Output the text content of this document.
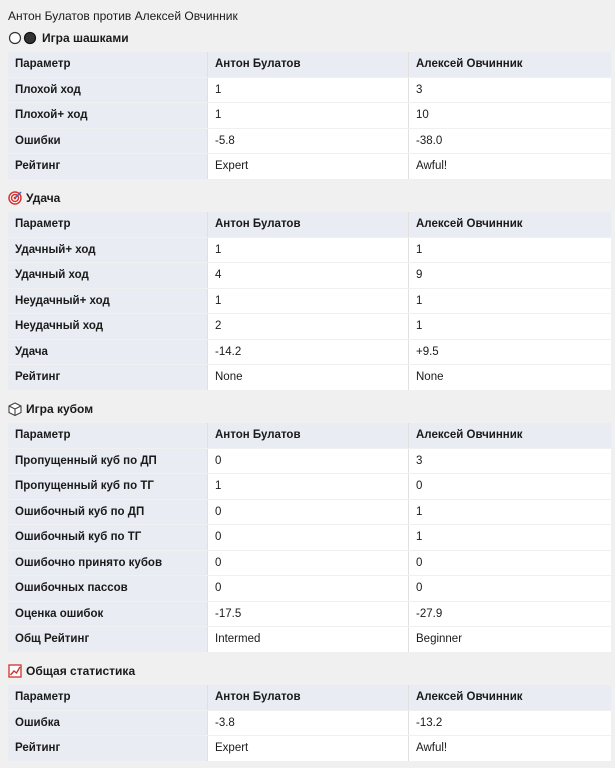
Антон Булатов против Алексей Овчинник
Игра шашками
Параметр	Антон Булатов	Алексей Овчинник
Плохой ход	1	3
Плохой+ ход	1	10
Ошибки	-5.8	-38.0
Рейтинг	Expert	Awful!
Удача
Параметр	Антон Булатов	Алексей Овчинник
Удачный+ ход	1	1
Удачный ход	4	9
Неудачный+ ход	1	1
Неудачный ход	2	1
Удача	-14.2	+9.5
Рейтинг	None	None
Игра кубом
Параметр	Антон Булатов	Алексей Овчинник
Пропущенный куб по ДП	0	3
Пропущенный куб по ТГ	1	0
Ошибочный куб по ДП	0	1
Ошибочный куб по ТГ	0	1
Ошибочно принято кубов	0	0
Ошибочных пассов	0	0
Оценка ошибок	-17.5	-27.9
Общ Рейтинг	Intermed	Beginner
Общая статистика
Параметр	Антон Булатов	Алексей Овчинник
Ошибка	-3.8	-13.2
Рейтинг	Expert	Awful!
